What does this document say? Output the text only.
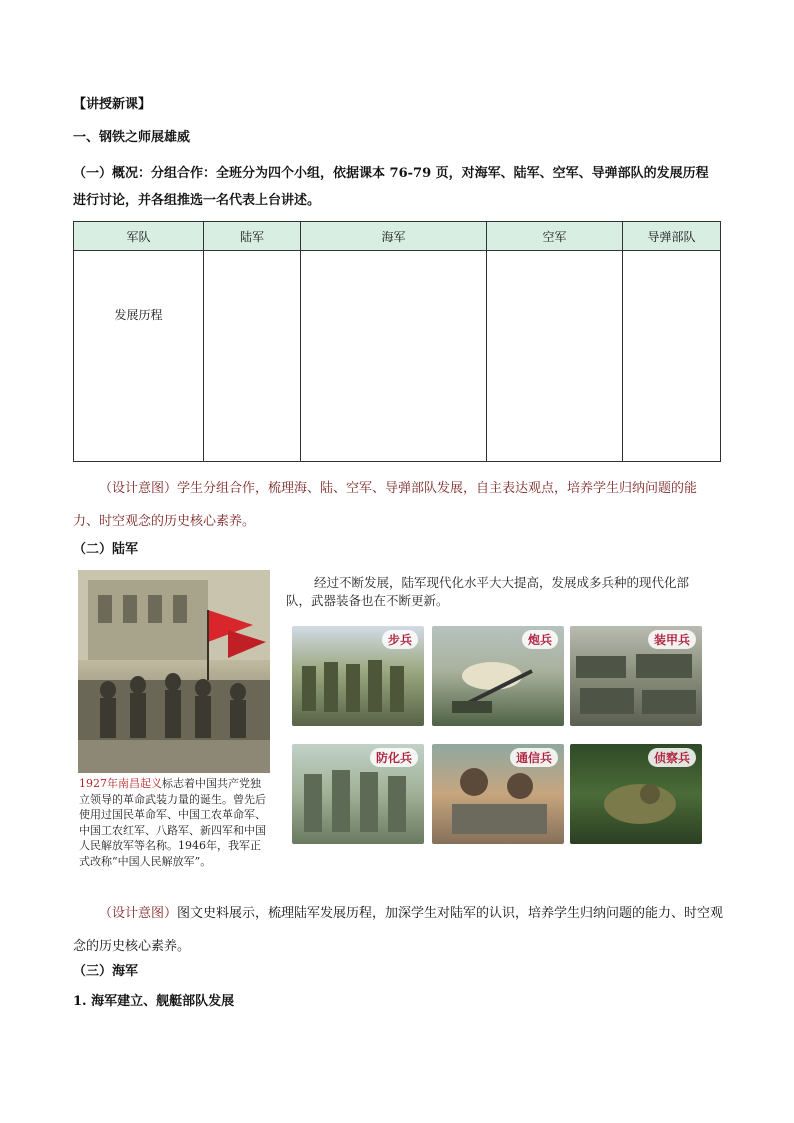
【讲授新课】
一、钢铁之师展雄威
（一）概况：分组合作：全班分为四个小组，依据课本 76-79 页，对海军、陆军、空军、导弹部队的发展历程进行讨论，并各组推选一名代表上台讲述。
军队	陆军	海军	空军	导弹部队
发展历程				
（设计意图）学生分组合作，梳理海、陆、空军、导弹部队发展，自主表达观点，培养学生归纳问题的能力、时空观念的历史核心素养。
（二）陆军
1927年南昌起义标志着中国共产党独立领导的革命武装力量的诞生。曾先后使用过国民革命军、中国工农革命军、中国工农红军、八路军、新四军和中国人民解放军等名称。1946年，我军正式改称“中国人民解放军”。
经过不断发展，陆军现代化水平大大提高，发展成多兵种的现代化部队，武器装备也在不断更新。
步兵	炮兵	装甲兵
防化兵	通信兵	侦察兵
（设计意图）图文史料展示，梳理陆军发展历程，加深学生对陆军的认识，培养学生归纳问题的能力、时空观念的历史核心素养。
（三）海军
1. 海军建立、舰艇部队发展
